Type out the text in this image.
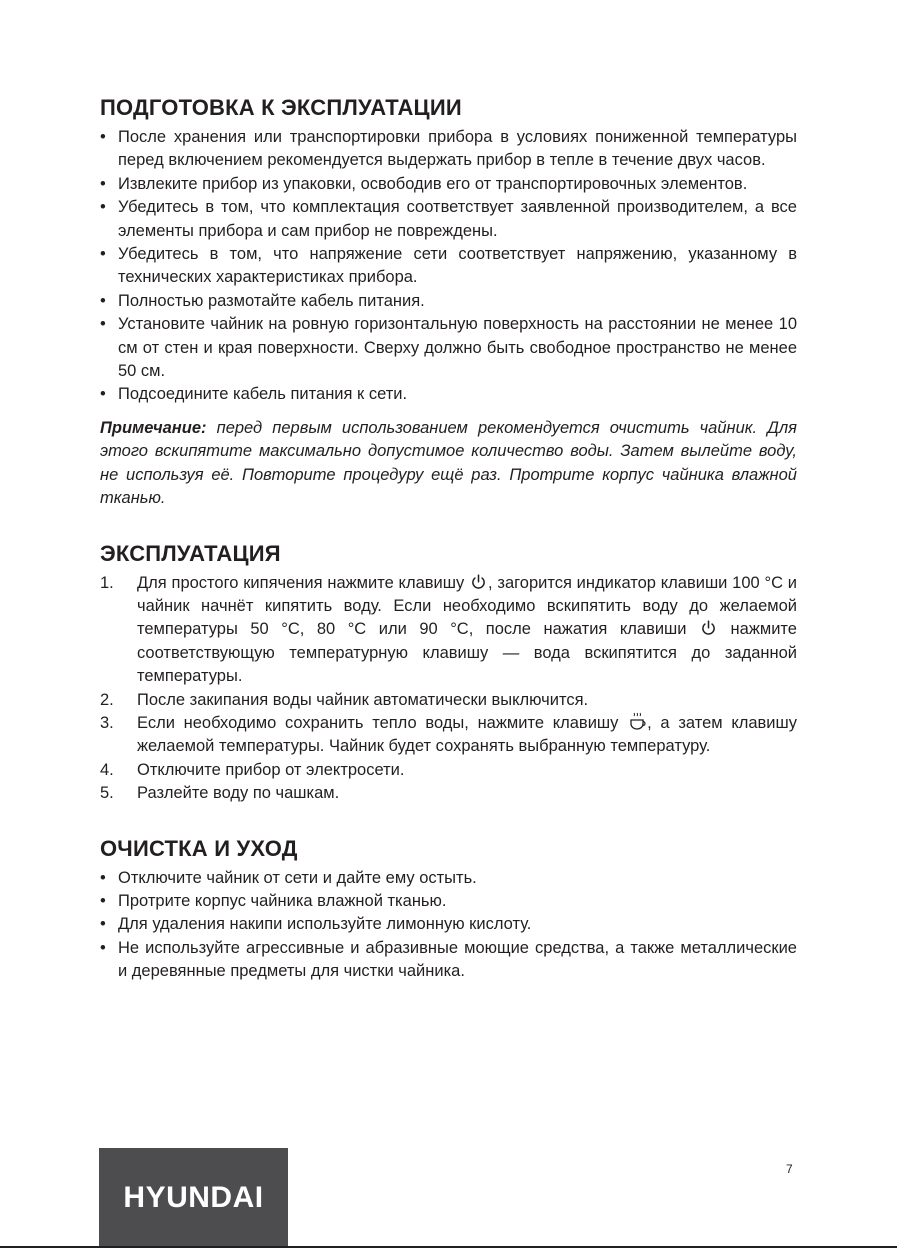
ПОДГОТОВКА К ЭКСПЛУАТАЦИИ
• После хранения или транспортировки прибора в условиях пониженной температуры перед включением рекомендуется выдержать прибор в тепле в течение двух часов.
• Извлеките прибор из упаковки, освободив его от транспортировочных элементов.
• Убедитесь в том, что комплектация соответствует заявленной производителем, а все элементы прибора и сам прибор не повреждены.
• Убедитесь в том, что напряжение сети соответствует напряжению, указанному в технических характеристиках прибора.
• Полностью размотайте кабель питания.
• Установите чайник на ровную горизонтальную поверхность на расстоянии не менее 10 см от стен и края поверхности. Сверху должно быть свободное пространство не менее 50 см.
• Подсоедините кабель питания к сети.

Примечание: перед первым использованием рекомендуется очистить чайник. Для этого вскипятите максимально допустимое количество воды. Затем вылейте воду, не используя её. Повторите процедуру ещё раз. Протрите корпус чайника влажной тканью.

ЭКСПЛУАТАЦИЯ
1. Для простого кипячения нажмите клавишу , загорится индикатор клавиши 100 °C и чайник начнёт кипятить воду. Если необходимо вскипятить воду до желаемой температуры 50 °C, 80 °C или 90 °C, после нажатия клавиши  нажмите соответствующую температурную клавишу — вода вскипятится до заданной температуры.
2. После закипания воды чайник автоматически выключится.
3. Если необходимо сохранить тепло воды, нажмите клавишу , а затем клавишу желаемой температуры. Чайник будет сохранять выбранную температуру.
4. Отключите прибор от электросети.
5. Разлейте воду по чашкам.
ОЧИСТКА И УХОД
• Отключите чайник от сети и дайте ему остыть.
• Протрите корпус чайника влажной тканью.
• Для удаления накипи используйте лимонную кислоту.
• Не используйте агрессивные и абразивные моющие средства, а также металлические и деревянные предметы для чистки чайника.
HYUNDAI
7
